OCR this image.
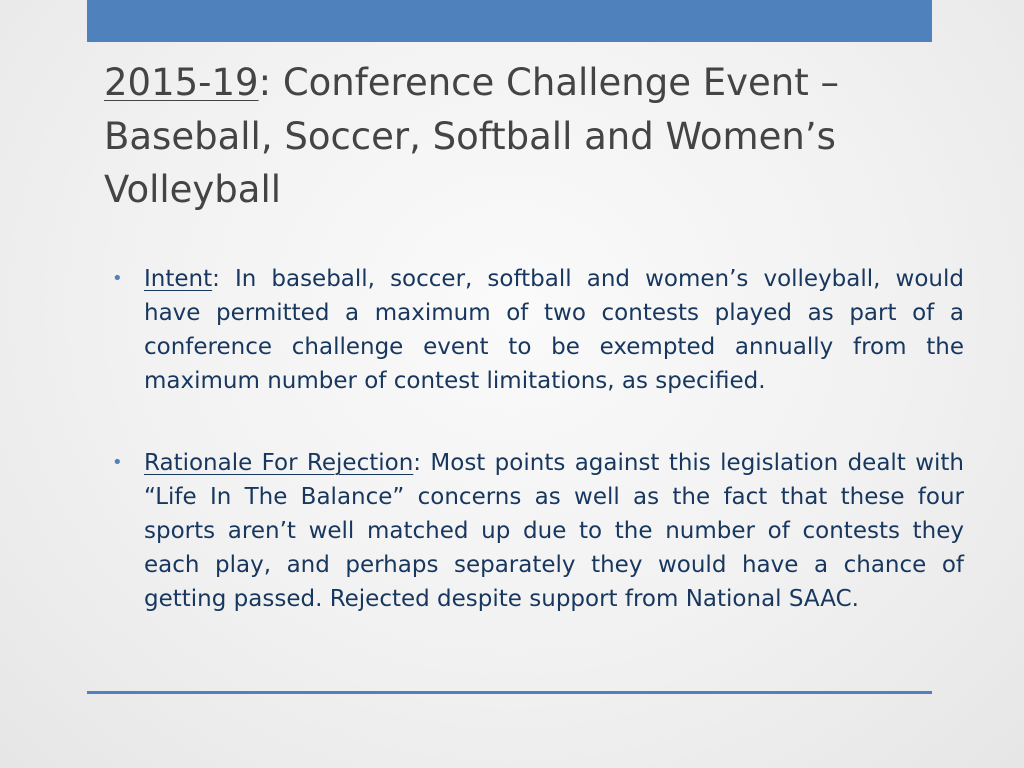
2015-19: Conference Challenge Event – Baseball, Soccer, Softball and Women’s Volleyball
• Intent: In baseball, soccer, softball and women’s volleyball, would have permitted a maximum of two contests played as part of a conference challenge event to be exempted annually from the maximum number of contest limitations, as specified.
• Rationale For Rejection: Most points against this legislation dealt with “Life In The Balance” concerns as well as the fact that these four sports aren’t well matched up due to the number of contests they each play, and perhaps separately they would have a chance of getting passed. Rejected despite support from National SAAC.
